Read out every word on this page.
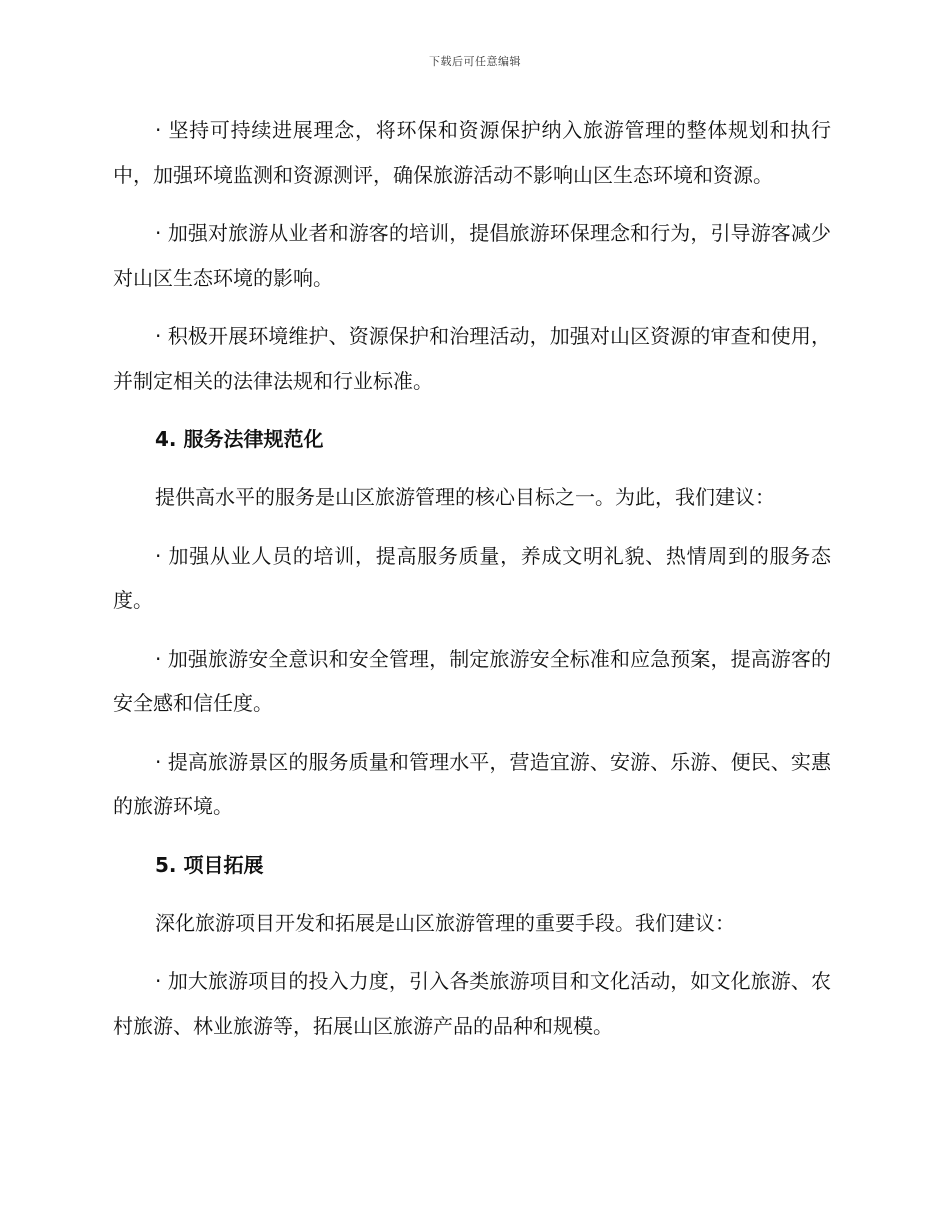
下载后可任意编辑

· 坚持可持续进展理念，将环保和资源保护纳入旅游管理的整体规划和执行中，加强环境监测和资源测评，确保旅游活动不影响山区生态环境和资源。

· 加强对旅游从业者和游客的培训，提倡旅游环保理念和行为，引导游客减少对山区生态环境的影响。

· 积极开展环境维护、资源保护和治理活动，加强对山区资源的审查和使用，并制定相关的法律法规和行业标准。

4. 服务法律规范化

提供高水平的服务是山区旅游管理的核心目标之一。为此，我们建议：

· 加强从业人员的培训，提高服务质量，养成文明礼貌、热情周到的服务态度。

· 加强旅游安全意识和安全管理，制定旅游安全标准和应急预案，提高游客的安全感和信任度。

· 提高旅游景区的服务质量和管理水平，营造宜游、安游、乐游、便民、实惠的旅游环境。

5. 项目拓展

深化旅游项目开发和拓展是山区旅游管理的重要手段。我们建议：

· 加大旅游项目的投入力度，引入各类旅游项目和文化活动，如文化旅游、农村旅游、林业旅游等，拓展山区旅游产品的品种和规模。
